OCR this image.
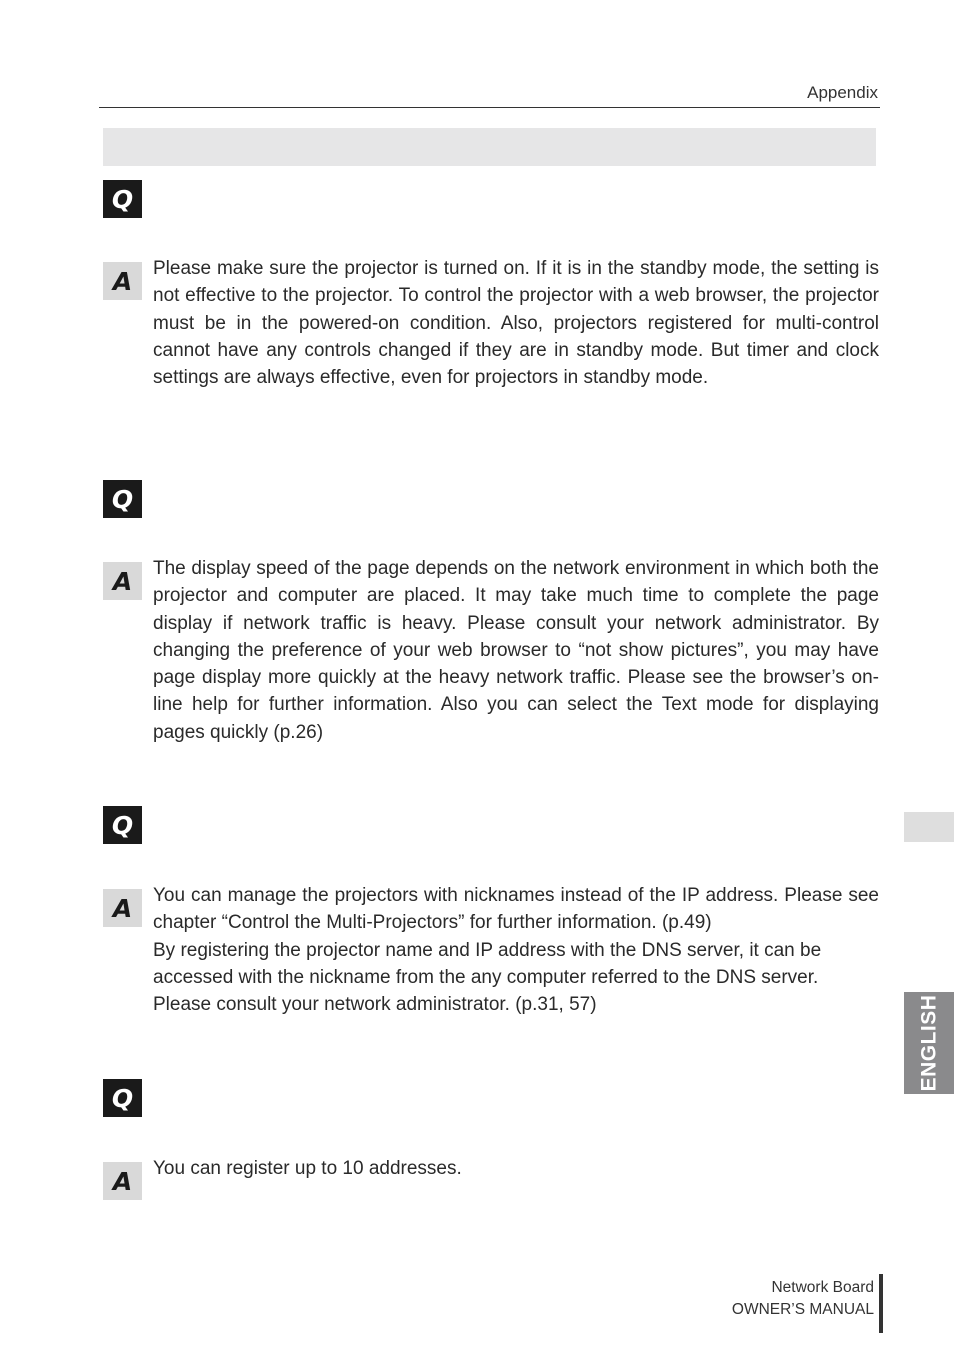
Appendix
Q
A	Please make sure the projector is turned on. If it is in the standby mode, the setting is not effective to the projector. To control the projector with a web browser, the projector must be in the powered-on condition. Also, projectors registered for multi-control cannot have any controls changed if they are in standby mode. But timer and clock settings are always effective, even for projectors in standby mode.

Q
A	The display speed of the page depends on the network environment in which both the projector and computer are placed. It may take much time to complete the page display if network traffic is heavy. Please consult your network administrator. By changing the preference of your web browser to “not show pictures”, you may have page display more quickly at the heavy network traffic. Please see the browser’s on-line help for further information. Also you can select the Text mode for displaying pages quickly (p.26)

Q
A	You can manage the projectors with nicknames instead of the IP address. Please see chapter “Control the Multi-Projectors” for further information. (p.49)

By registering the projector name and IP address with the DNS server, it can be accessed with the nickname from the any computer referred to the DNS server. Please consult your network administrator. (p.31, 57)

Q
A	You can register up to 10 addresses.

ENGLISH
Network Board
OWNER’S MANUAL
